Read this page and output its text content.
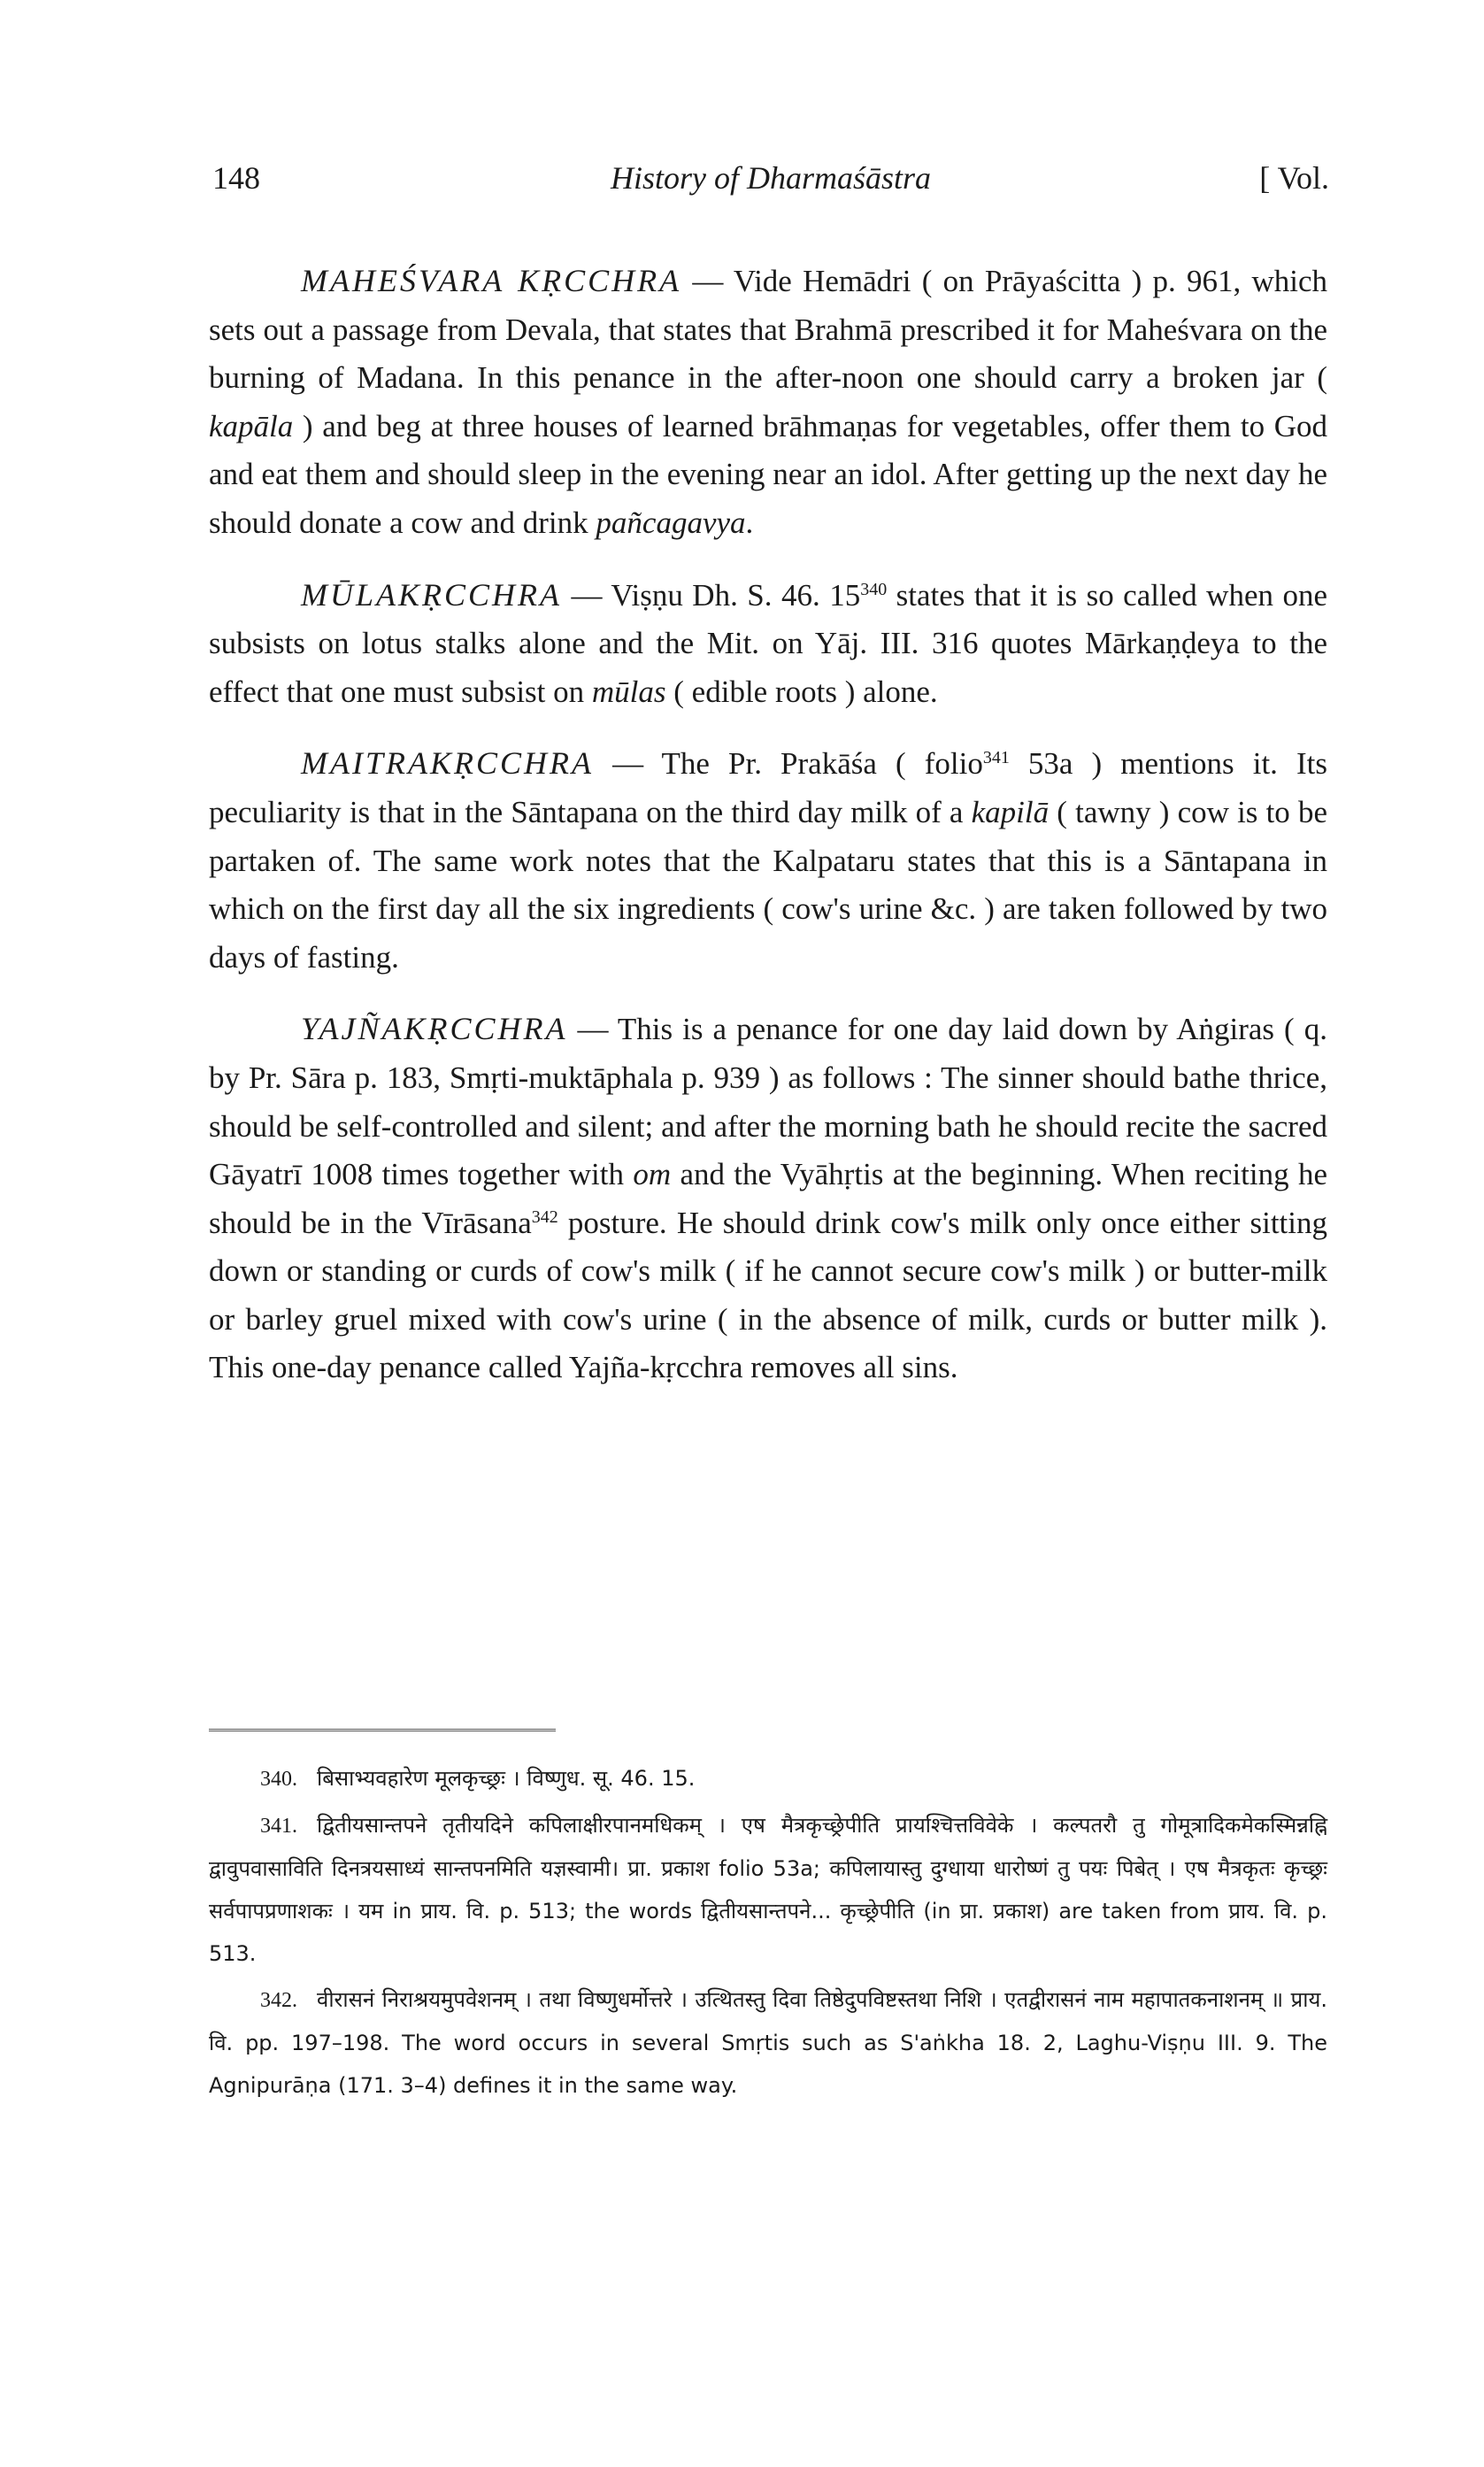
148	History of Dharmaśāstra	[ Vol.

MAHEŚVARA KṚCCHRA — Vide Hemādri ( on Prāyaścitta ) p. 961, which sets out a passage from Devala, that states that Brahmā prescribed it for Maheśvara on the burning of Madana. In this penance in the after-noon one should carry a broken jar ( kapāla ) and beg at three houses of learned brāhmaṇas for vegetables, offer them to God and eat them and should sleep in the evening near an idol. After getting up the next day he should donate a cow and drink pañcagavya.

MŪLAKṚCCHRA — Viṣṇu Dh. S. 46. 15$^{340}$ states that it is so called when one subsists on lotus stalks alone and the Mit. on Yāj. III. 316 quotes Mārkaṇḍeya to the effect that one must subsist on mūlas ( edible roots ) alone.

MAITRAKṚCCHRA — The Pr. Prakāśa ( folio$^{341}$ 53a ) mentions it. Its peculiarity is that in the Sāntapana on the third day milk of a kapilā ( tawny ) cow is to be partaken of. The same work notes that the Kalpataru states that this is a Sāntapana in which on the first day all the six ingredients ( cow's urine &c. ) are taken followed by two days of fasting.

YAJÑAKṚCCHRA — This is a penance for one day laid down by Aṅgiras ( q. by Pr. Sāra p. 183, Smṛti-muktāphala p. 939 ) as follows : The sinner should bathe thrice, should be self-controlled and silent; and after the morning bath he should recite the sacred Gāyatrī 1008 times together with om and the Vyāhṛtis at the beginning. When reciting he should be in the Vīrāsana$^{342}$ posture. He should drink cow's milk only once either sitting down or standing or curds of cow's milk ( if he cannot secure cow's milk ) or butter-milk or barley gruel mixed with cow's urine ( in the absence of milk, curds or butter milk ). This one-day penance called Yajña-kṛcchra removes all sins.

340. बिसाभ्यवहारेण मूलकृच्छ्रः । विष्णुध. सू. 46. 15.

341. द्वितीयसान्तपने तृतीयदिने कपिलाक्षीरपानमधिकम् । एष मैत्रकृच्छ्रेपीति प्रायश्चित्तविवेके । कल्पतरौ तु गोमूत्रादिकमेकस्मिन्नह्नि द्वावुपवासाविति दिनत्रयसाध्यं सान्तपनमिति यज्ञस्वामी। प्रा. प्रकाश folio 53a; कपिलायास्तु दुग्धाया धारोष्णं तु पयः पिबेत् । एष मैत्रकृतः कृच्छ्रः सर्वपापप्रणाशकः । यम in प्राय. वि. p. 513; the words द्वितीयसान्तपने... कृच्छ्रेपीति (in प्रा. प्रकाश) are taken from प्राय. वि. p. 513.

342. वीरासनं निराश्रयमुपवेशनम् । तथा विष्णुधर्मोत्तरे । उत्थितस्तु दिवा तिष्ठेदुपविष्टस्तथा निशि । एतद्वीरासनं नाम महापातकनाशनम् ॥ प्राय. वि. pp. 197–198. The word occurs in several Smṛtis such as S'aṅkha 18. 2, Laghu-Viṣṇu III. 9. The Agnipurāṇa (171. 3–4) defines it in the same way.
